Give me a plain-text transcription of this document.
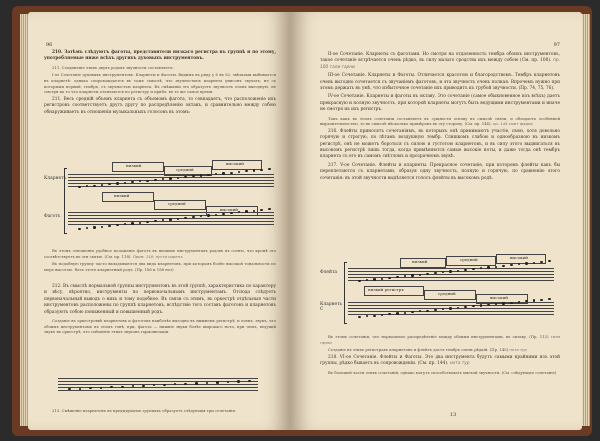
96

210. Затѣмъ слѣдуютъ фаготы, представители низкаго регистра въ группѣ и по этому, употребляемые ниже всѣхъ другихъ духовыхъ инструментовъ.

211. Соединеніе этихъ двухъ родовъ звучности составляетъ:

I-ое Сочетаніе духовыхъ инструментовъ. Кларнеты и Фаготы. Видимъ въ ряду у 6 въ 82, звѣзками выбивается въ кларнетѣ: однако сопровождается въ тоже смыслѣ, что звучностьюъ кларнета унисонъ звучать; не съ которыми первый, тембръ, съ звучностью кларнета. Въ смѣшаніи это образуетъ звучность очень выгодную, не смотря на то что кларнеты отличаются по регистру и прибл. въ то же самое время.

211. Весь средній объемъ кларнета съ объемомъ фагота, то совпадаетъ, что расположеніе ихъ регистровъ соответствуетъ другъ другу по распредѣленію октавъ, и сравнительно между собою обнаруживаетъ въ отношеніи музыкальныхъ голосовъ въ этомъ:

Кларнетъ
Фаготъ
низкий
средний
высокий
низкий
средний
высокий

Въ этомъ отношеніи удобное положеніе фаготъ въ низкихъ инструментахъ родовъ въ сотню, что кромѣ это соотвѣтствуетъ въ эти сытые. (См. пр. 118). Прим. 118: пусти сиренъ

Въ подобную группу часто вкладываются два вида кларнетовъ, при которомъ болѣе высокой тональности по мере высотою. Весь этотъ кларнетный родъ. (Пр. 186 и 188 нот)

212. Въ смыслѣ нормальной группы инструментовъ въ этой группѣ, характеристика по характеру и вѣсу, вѣроятно, инструменты по первоначальнымъ инструментамъ. Отсюда слѣдуетъ первоначальный выводъ о нихъ и тому подобное. Въ связи съ этимъ, въ оркестрѣ отдѣльныя части инструментовъ расположены по группѣ кларнетовъ, вслѣдствіе того составъ фаготовъ и кларнетовъ образуютъ собою пониженный и повышенный родъ.

Созданіе въ оркестровкѣ кларнетовъ и фаготовъ наиболѣе выгодно въ нижнемъ регистрѣ, и очень, звукъ, что обоимъ инструментамъ въ этомъ тонѣ, при, фагота — нижніе звуки болѣе широкаго нота, при чемъ, ведущій звукъ въ оркестрѣ, что смѣшеніе этихъ звуковъ гармонизаціи.

213. Смѣшеніе кларнетовъ въ предыдущемъ группахъ образуетъ слѣдующія три сочетанія:

97

II-ое Сочетаніе. Кларнеты съ фаготами. Но смотря на отдаленность тембра обоихъ инструментовъ, такое сочетаніе встрѣчается очень рѣдко, въ силу малаго сродства ихъ между собою (См. пр. 100). пр. 100 тали гарни

III-ое Сочетаніе. Кларнеты и Фаготы. Отличается красотою и благородствомъ. Тембръ кларнетовъ очень выгодно сочетается съ звучаніемъ фаготовъ, и эта звучность очень полная. Впрочемъ нужно при этомъ держать въ умѣ, что избыточное сочетаніе ихъ приводитъ къ грубой звучности. (Пр. 74, 75, 76).

IV-ое Сочетаніе. Кларнеты и фаготы въ октаву. Это сочетаніе (самое обыкновенное изъ всѣхъ) даетъ прекрасную и полную звучность, при которой кларнеты могутъ быть ведущими инструментами и иначе не смотря на ихъ регистръ.

Такъ какъ въ этомъ сочетаніи составляетъ въ сущности основу въ смыслѣ связи, и обладаетъ особенной выразительностью, то въ смыслѣ нѣсколько примѣровъ въ эту сторону. (См. пр. 144). пр. 144 сюит фадер

216. Флейты приносятъ сочетаніямъ, въ которыхъ онѣ принимаютъ участіе, свою, хотя довольно горячую и строгую, по лѣтамъ воздушную тембр. Слишкомъ слабою и однообразною въ низкомъ регистрѣ, онѣ не можетъ бороться съ силою и густотою кларнетовъ, и въ силу этого выдвигаться въ высокомъ регистрѣ лишь тогда, когда примѣняются самые высокіе ноты, и даже тогда онѣ тембръ кларнета съ его въ самомъ свѣтломъ и прозрачномъ звукѣ.

217. V-ое Сочетаніе. Флейты и кларнеты. Прекрасное сочетаніе, при которомъ флейты какъ бы переплетаются съ кларнетами, образуя одну звучность, полную и горячую, по сравненію этого сочетанія: въ этой звучности выдѣляется голосъ флейты въ высокомъ родѣ.

Флейта
Кларнеть С
низкий	средний	высокий
низкий регистръ
средний
высокий

Въ этомъ сочетаніи, что нормальное распредѣленіе между обоими инструментами, въ октаву. (Пр. 112) тали гарни

Созданіе въ этихъ регистрахъ кларнетовъ и флейтъ дастъ тембръ очень рѣдкій. (Пр. 145) нота тур

218. VI-ое Сочетаніе. Флейты и Фаготы. Это два инструмента будутъ самыми крайними изъ этой группы, рѣдко бываетъ въ сопровожденіи. (См. пр. 144). нота тур

Въ большей части этихъ сочетаній, однако могутъ способствовать мягкой звучности. (См. слѣдующее сочетаніе)

13
